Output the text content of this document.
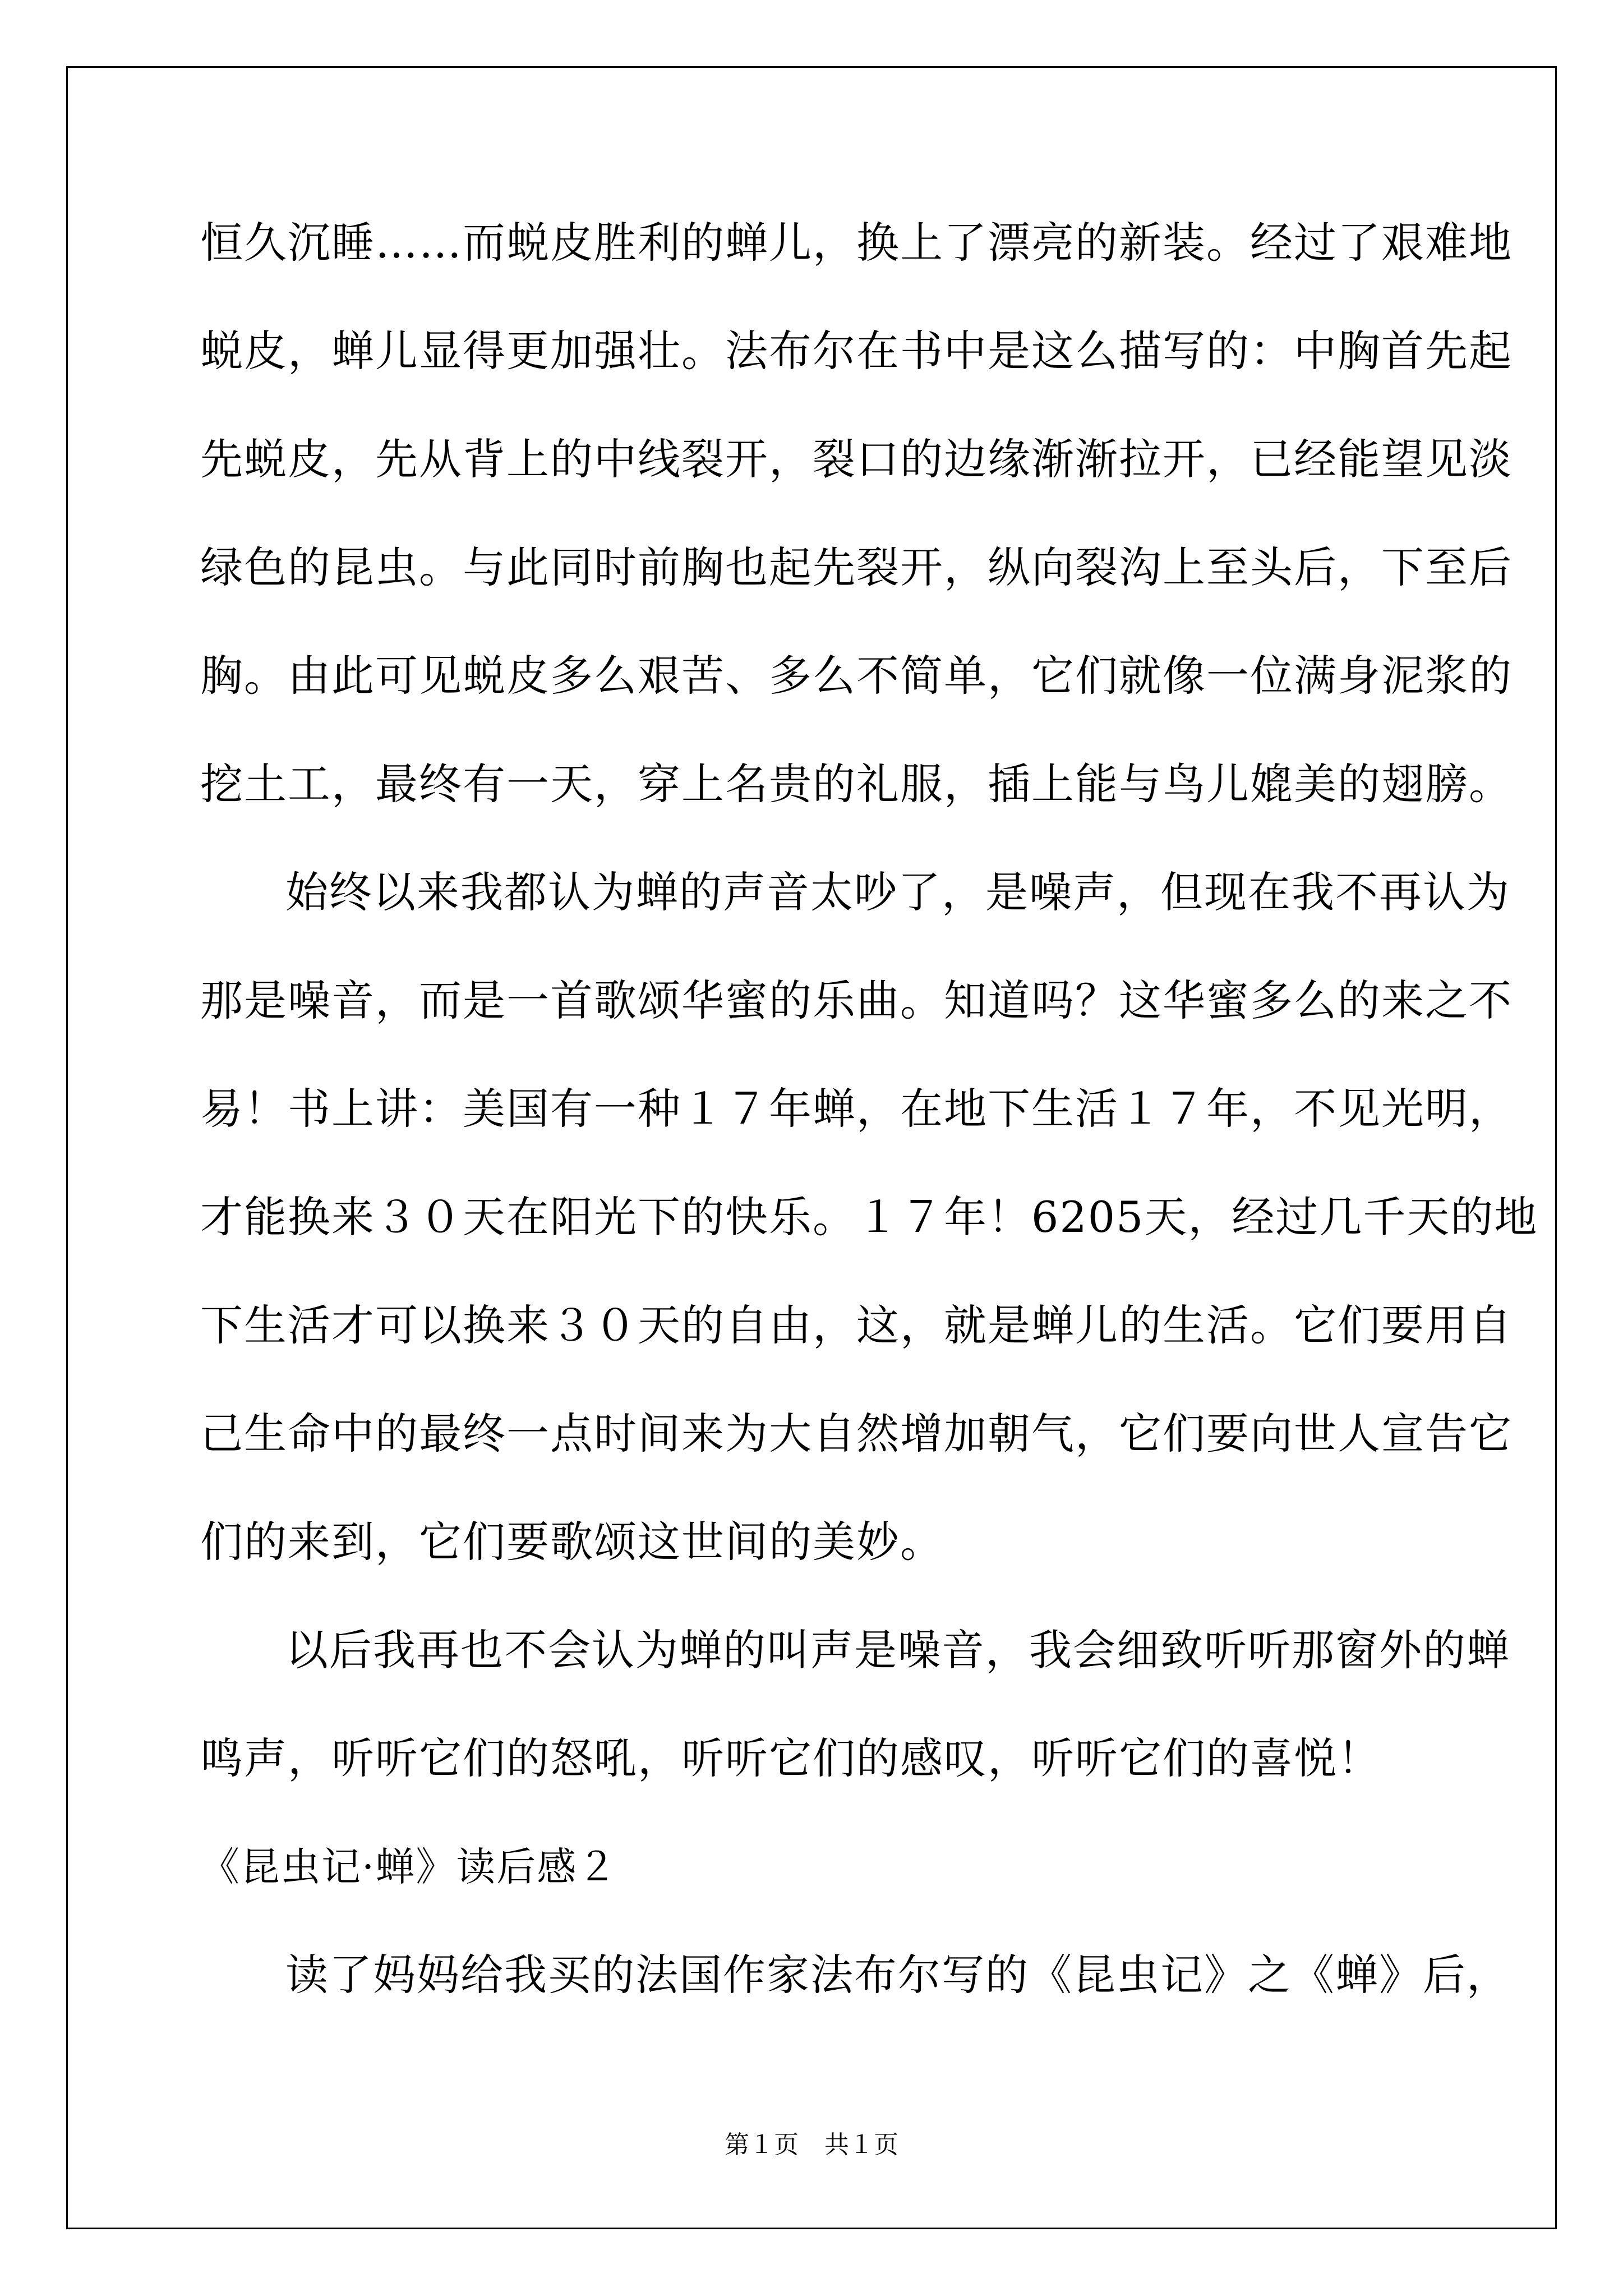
恒久沉睡……而蜕皮胜利的蝉儿，换上了漂亮的新装。经过了艰难地
蜕皮，蝉儿显得更加强壮。法布尔在书中是这么描写的：中胸首先起
先蜕皮，先从背上的中线裂开，裂口的边缘渐渐拉开，已经能望见淡
绿色的昆虫。与此同时前胸也起先裂开，纵向裂沟上至头后，下至后
胸。由此可见蜕皮多么艰苦、多么不简单，它们就像一位满身泥浆的
挖土工，最终有一天，穿上名贵的礼服，插上能与鸟儿媲美的翅膀。
始终以来我都认为蝉的声音太吵了，是噪声，但现在我不再认为
那是噪音，而是一首歌颂华蜜的乐曲。知道吗？这华蜜多么的来之不
易！书上讲：美国有一种１７年蝉，在地下生活１７年，不见光明，
才能换来３０天在阳光下的快乐。１７年！6205天，经过几千天的地
下生活才可以换来３０天的自由，这，就是蝉儿的生活。它们要用自
己生命中的最终一点时间来为大自然增加朝气，它们要向世人宣告它
们的来到，它们要歌颂这世间的美妙。
以后我再也不会认为蝉的叫声是噪音，我会细致听听那窗外的蝉
鸣声，听听它们的怒吼，听听它们的感叹，听听它们的喜悦！
《昆虫记·蝉》读后感２
读了妈妈给我买的法国作家法布尔写的《昆虫记》之《蝉》后，
第１页 共１页
